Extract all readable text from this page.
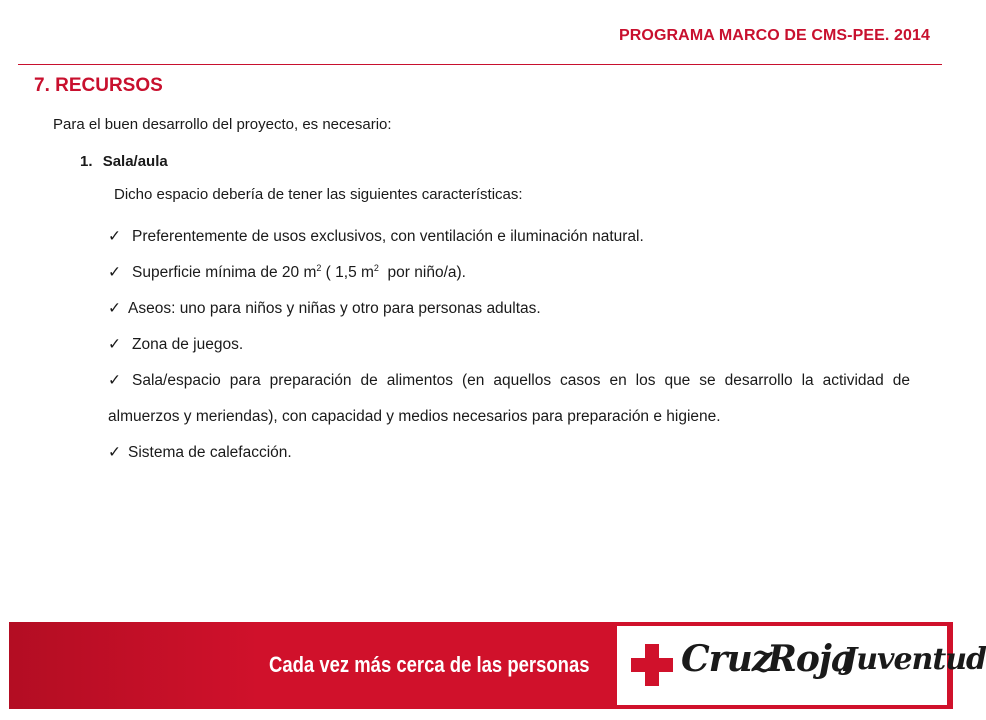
PROGRAMA MARCO DE CMS-PEE. 2014
7. RECURSOS
Para el buen desarrollo del proyecto, es necesario:
1. Sala/aula
Dicho espacio debería de tener las siguientes características:
✓ Preferentemente de usos exclusivos, con ventilación e iluminación natural.
✓ Superficie mínima de 20 $m^2$ ( 1,5 $m^2$  por niño/a).
✓ Aseos: uno para niños y niñas y otro para personas adultas.
✓ Zona de juegos.
✓ Sala/espacio para preparación de alimentos (en aquellos casos en los que se desarrollo la actividad de almuerzos y meriendas), con capacidad y medios necesarios para preparación e higiene.
✓ Sistema de calefacción.
Cada vez más cerca de las personas	Cruz
Roja
Juventud
